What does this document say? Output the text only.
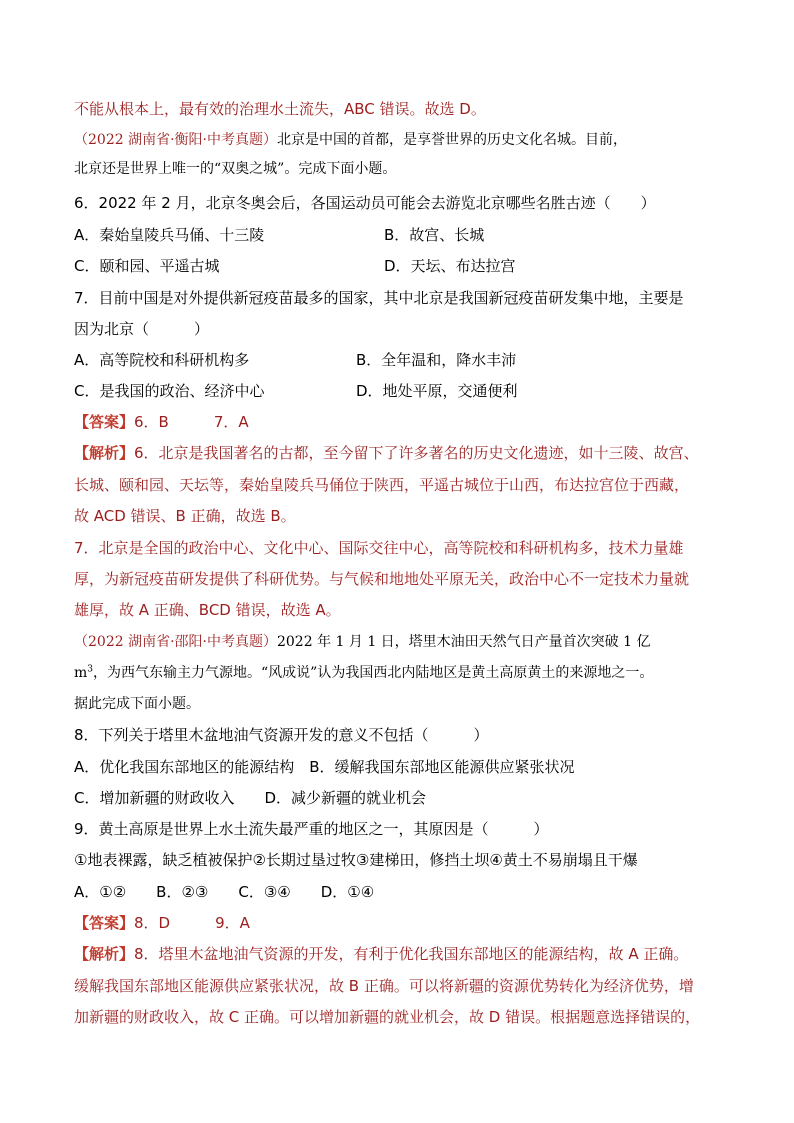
不能从根本上，最有效的治理水土流失，ABC 错误。故选 D。
（2022 湖南省·衡阳·中考真题）北京是中国的首都，是享誉世界的历史文化名城。目前，
北京还是世界上唯一的“双奥之城”。完成下面小题。
6．2022 年 2 月，北京冬奥会后，各国运动员可能会去游览北京哪些名胜古迹（　　）
A．秦始皇陵兵马俑、十三陵	B．故宫、长城
C．颐和园、平遥古城	D．天坛、布达拉宫
7．目前中国是对外提供新冠疫苗最多的国家，其中北京是我国新冠疫苗研发集中地，主要是
因为北京（　　　）
A．高等院校和科研机构多	B．全年温和，降水丰沛
C．是我国的政治、经济中心	D．地处平原，交通便利
【答案】6．B　　　7．A
【解析】6．北京是我国著名的古都，至今留下了许多著名的历史文化遗迹，如十三陵、故宫、
长城、颐和园、天坛等，秦始皇陵兵马俑位于陕西，平遥古城位于山西，布达拉宫位于西藏，
故 ACD 错误、B 正确，故选 B。
7．北京是全国的政治中心、文化中心、国际交往中心，高等院校和科研机构多，技术力量雄
厚，为新冠疫苗研发提供了科研优势。与气候和地地处平原无关，政治中心不一定技术力量就
雄厚，故 A 正确、BCD 错误，故选 A。
（2022 湖南省·邵阳·中考真题）2022 年 1 月 1 日，塔里木油田天然气日产量首次突破 1 亿
$m^3$，为西气东输主力气源地。“风成说”认为我国西北内陆地区是黄土高原黄土的来源地之一。
据此完成下面小题。
8．下列关于塔里木盆地油气资源开发的意义不包括（　　　）
A．优化我国东部地区的能源结构　B．缓解我国东部地区能源供应紧张状况
C．增加新疆的财政收入　　D．减少新疆的就业机会
9．黄土高原是世界上水土流失最严重的地区之一，其原因是（　　　）
①地表裸露，缺乏植被保护②长期过垦过牧③建梯田，修挡土坝④黄土不易崩塌且干爆
A．①②　　B．②③　　C．③④　　D．①④
【答案】8．D　　　9．A
【解析】8．塔里木盆地油气资源的开发，有利于优化我国东部地区的能源结构，故 A 正确。
缓解我国东部地区能源供应紧张状况，故 B 正确。可以将新疆的资源优势转化为经济优势，增
加新疆的财政收入，故 C 正确。可以增加新疆的就业机会，故 D 错误。根据题意选择错误的，
